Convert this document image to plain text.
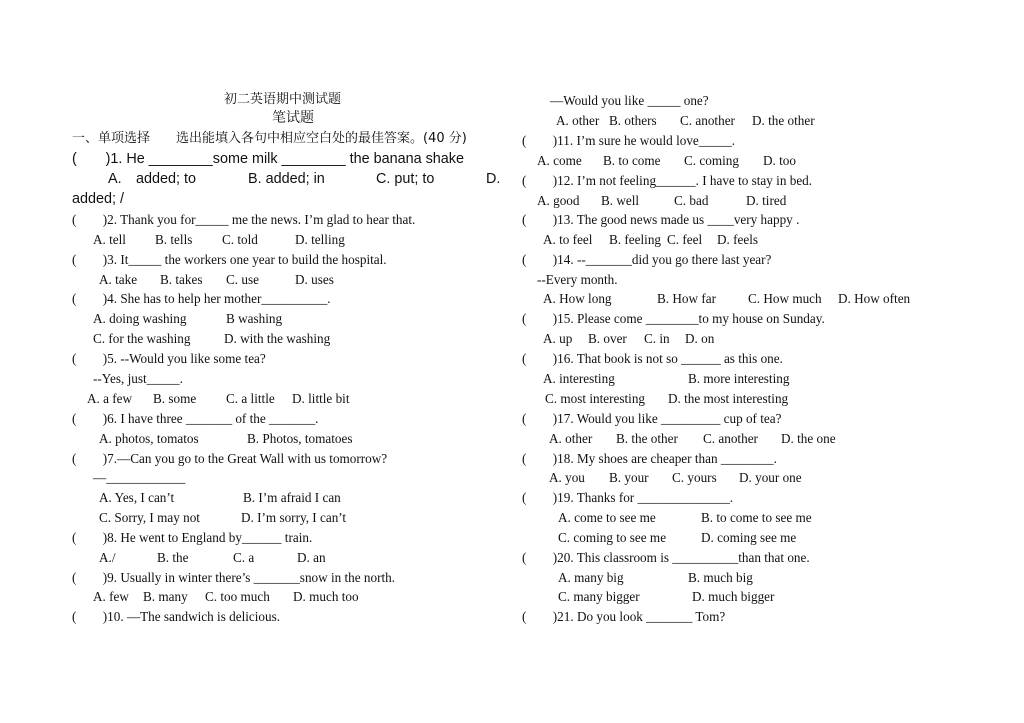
初二英语期中测试题
笔试题
一、单项选择　　选出能填入各句中相应空白处的最佳答案。(40 分)
(　　)1. He ________some milk ________ the banana shake
A.　added; to	B. added; in	C. put; to	D.
added; /
(　　)2. Thank you for_____ me the news. I’m glad to hear that.
A. tell B. tells C. told	D. telling
(　　)3. It_____ the workers one year to build the hospital.
A. take B. takes C. use	D. uses
(　　)4. She has to help her mother__________.
A. doing washing	B washing
C. for the washing	D. with the washing
(　　)5. --Would you like some tea?
--Yes, just_____.
A. a few B. some C. a little D. little bit
(　　)6. I have three _______ of the _______.
A. photos, tomatos	B. Photos, tomatoes
(　　)7.—Can you go to the Great Wall with us tomorrow?
—____________
A. Yes, I can’t	B. I’m afraid I can
C. Sorry, I may not	D. I’m sorry, I can’t
(　　)8. He went to England by______ train.
A./	B. the	C. a	D. an
(　　)9. Usually in winter there’s _______snow in the north.
A. few B. many C. too much D. much too
(　　)10. —The sandwich is delicious.
—Would you like _____ one?
A. other B. others C. another D. the other
(　　)11. I’m sure he would love_____.
A. come B. to come C. coming D. too
(　　)12. I’m not feeling______. I have to stay in bed.
A. good B. well	C. bad	D. tired
(　　)13. The good news made us ____very happy .
A. to feel B. feeling C. feel D. feels
(　　)14. --_______did you go there last year?
--Every month.
A. How long	B. How far C. How much D. How often
(　　)15. Please come ________to my house on Sunday.
A. up B. over C. in D. on
(　　)16. That book is not so ______ as this one.
A. interesting	B. more interesting
C. most interesting D. the most interesting
(　　)17. Would you like _________ cup of tea?
A. other B. the other C. another D. the one
(　　)18. My shoes are cheaper than ________.
A. you B. your C. yours D. your one
(　　)19. Thanks for ______________.
A. come to see me	B. to come to see me
C. coming to see me	D. coming see me
(　　)20. This classroom is __________than that one.
A. many big	B. much big
C. many bigger	D. much bigger
(　　)21. Do you look _______ Tom?
